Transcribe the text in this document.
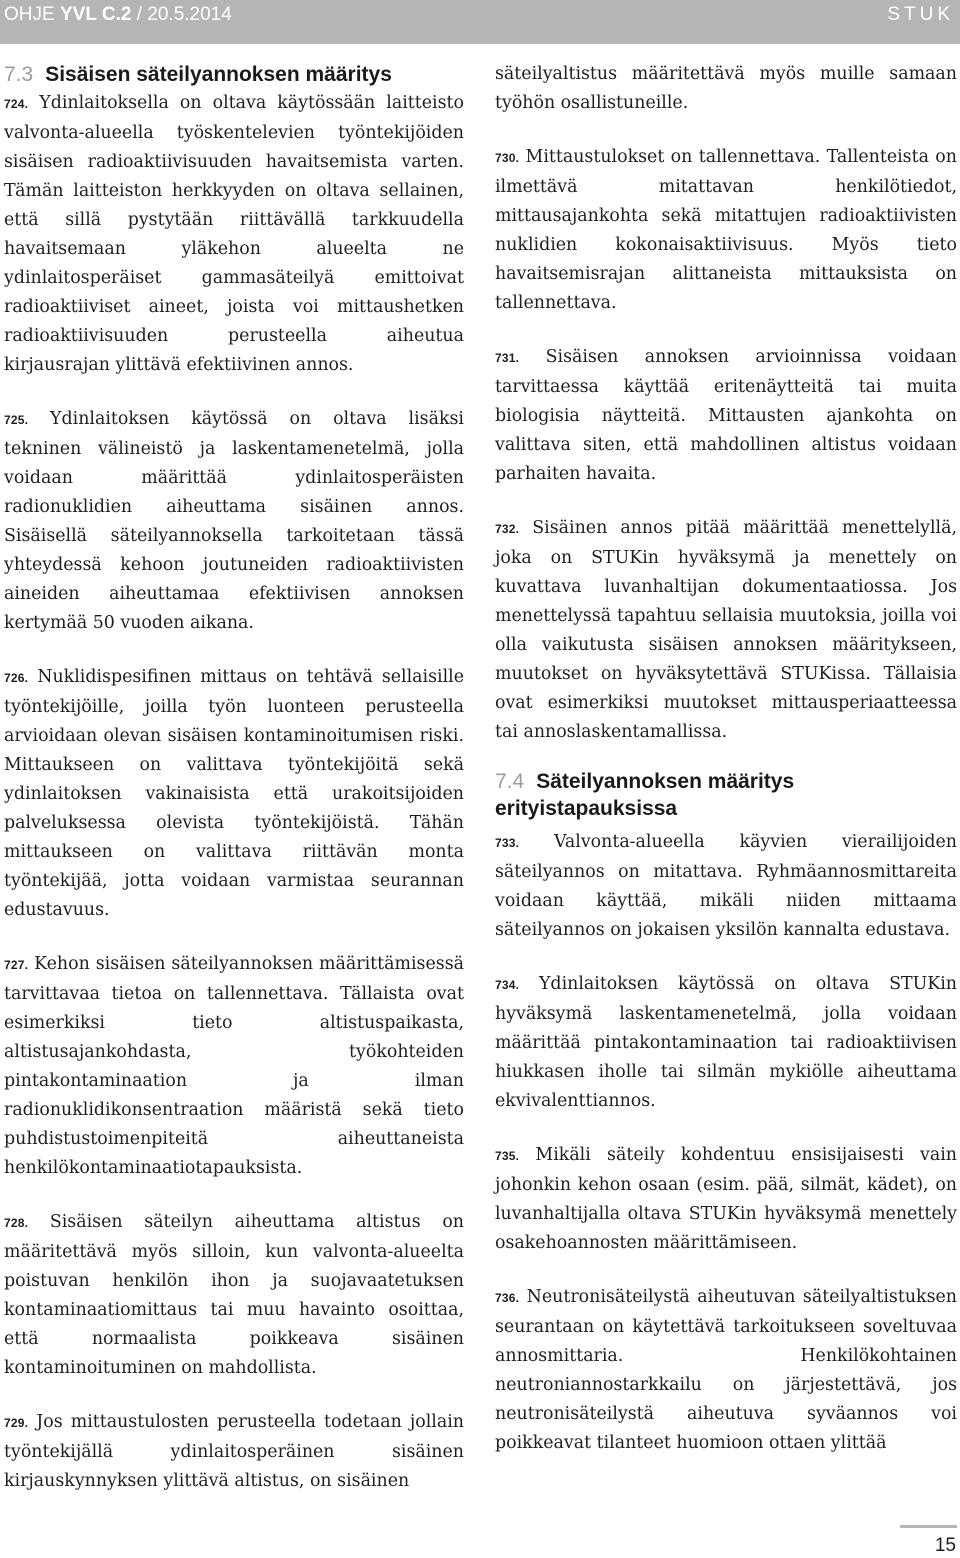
OHJE YVL C.2 / 20.5.2014	STUK
7.3 Sisäisen säteilyannoksen määritys

724. Ydinlaitoksella on oltava käytössään laitteisto valvonta-alueella työskentelevien työntekijöiden sisäisen radioaktiivisuuden havaitsemista varten. Tämän laitteiston herkkyyden on oltava sellainen, että sillä pystytään riittävällä tarkkuudella havaitsemaan yläkehon alueelta ne ydinlaitosperäiset gammasäteilyä emittoivat radioaktiiviset aineet, joista voi mittaushetken radioaktiivisuuden perusteella aiheutua kirjausrajan ylittävä efektiivinen annos.

725. Ydinlaitoksen käytössä on oltava lisäksi tekninen välineistö ja laskentamenetelmä, jolla voidaan määrittää ydinlaitosperäisten radionuklidien aiheuttama sisäinen annos. Sisäisellä säteilyannoksella tarkoitetaan tässä yhteydessä kehoon joutuneiden radioaktiivisten aineiden aiheuttamaa efektiivisen annoksen kertymää 50 vuoden aikana.

726. Nuklidispesifinen mittaus on tehtävä sellaisille työntekijöille, joilla työn luonteen perusteella arvioidaan olevan sisäisen kontaminoitumisen riski. Mittaukseen on valittava työntekijöitä sekä ydinlaitoksen vakinaisista että urakoitsijoiden palveluksessa olevista työntekijöistä. Tähän mittaukseen on valittava riittävän monta työntekijää, jotta voidaan varmistaa seurannan edustavuus.

727. Kehon sisäisen säteilyannoksen määrittämisessä tarvittavaa tietoa on tallennettava. Tällaista ovat esimerkiksi tieto altistuspaikasta, altistusajankohdasta, työkohteiden pintakontaminaation ja ilman radionuklidikonsentraation määristä sekä tieto puhdistustoimenpiteitä aiheuttaneista henkilökontaminaatiotapauksista.

728. Sisäisen säteilyn aiheuttama altistus on määritettävä myös silloin, kun valvonta-alueelta poistuvan henkilön ihon ja suojavaatetuksen kontaminaatiomittaus tai muu havainto osoittaa, että normaalista poikkeava sisäinen kontaminoituminen on mahdollista.

729. Jos mittaustulosten perusteella todetaan jollain työntekijällä ydinlaitosperäinen sisäinen kirjauskynnyksen ylittävä altistus, on sisäinen

säteilyaltistus määritettävä myös muille samaan työhön osallistuneille.

730. Mittaustulokset on tallennettava. Tallenteista on ilmettävä mitattavan henkilötiedot, mittausajankohta sekä mitattujen radioaktiivisten nuklidien kokonaisaktiivisuus. Myös tieto havaitsemisrajan alittaneista mittauksista on tallennettava.

731. Sisäisen annoksen arvioinnissa voidaan tarvittaessa käyttää eritenäytteitä tai muita biologisia näytteitä. Mittausten ajankohta on valittava siten, että mahdollinen altistus voidaan parhaiten havaita.

732. Sisäinen annos pitää määrittää menettelyllä, joka on STUKin hyväksymä ja menettely on kuvattava luvanhaltijan dokumentaatiossa. Jos menettelyssä tapahtuu sellaisia muutoksia, joilla voi olla vaikutusta sisäisen annoksen määritykseen, muutokset on hyväksytettävä STUKissa. Tällaisia ovat esimerkiksi muutokset mittausperiaatteessa tai annoslaskentamallissa.

7.4 Säteilyannoksen määritys erityistapauksissa

733. Valvonta-alueella käyvien vierailijoiden säteilyannos on mitattava. Ryhmäannosmittareita voidaan käyttää, mikäli niiden mittaama säteilyannos on jokaisen yksilön kannalta edustava.

734. Ydinlaitoksen käytössä on oltava STUKin hyväksymä laskentamenetelmä, jolla voidaan määrittää pintakontaminaation tai radioaktiivisen hiukkasen iholle tai silmän mykiölle aiheuttama ekvivalenttiannos.

735. Mikäli säteily kohdentuu ensisijaisesti vain johonkin kehon osaan (esim. pää, silmät, kädet), on luvanhaltijalla oltava STUKin hyväksymä menettely osakehoannosten määrittämiseen.

736. Neutronisäteilystä aiheutuvan säteilyaltistuksen seurantaan on käytettävä tarkoitukseen soveltuvaa annosmittaria. Henkilökohtainen neutroniannostarkkailu on järjestettävä, jos neutronisäteilystä aiheutuva syväannos voi poikkeavat tilanteet huomioon ottaen ylittää

15
